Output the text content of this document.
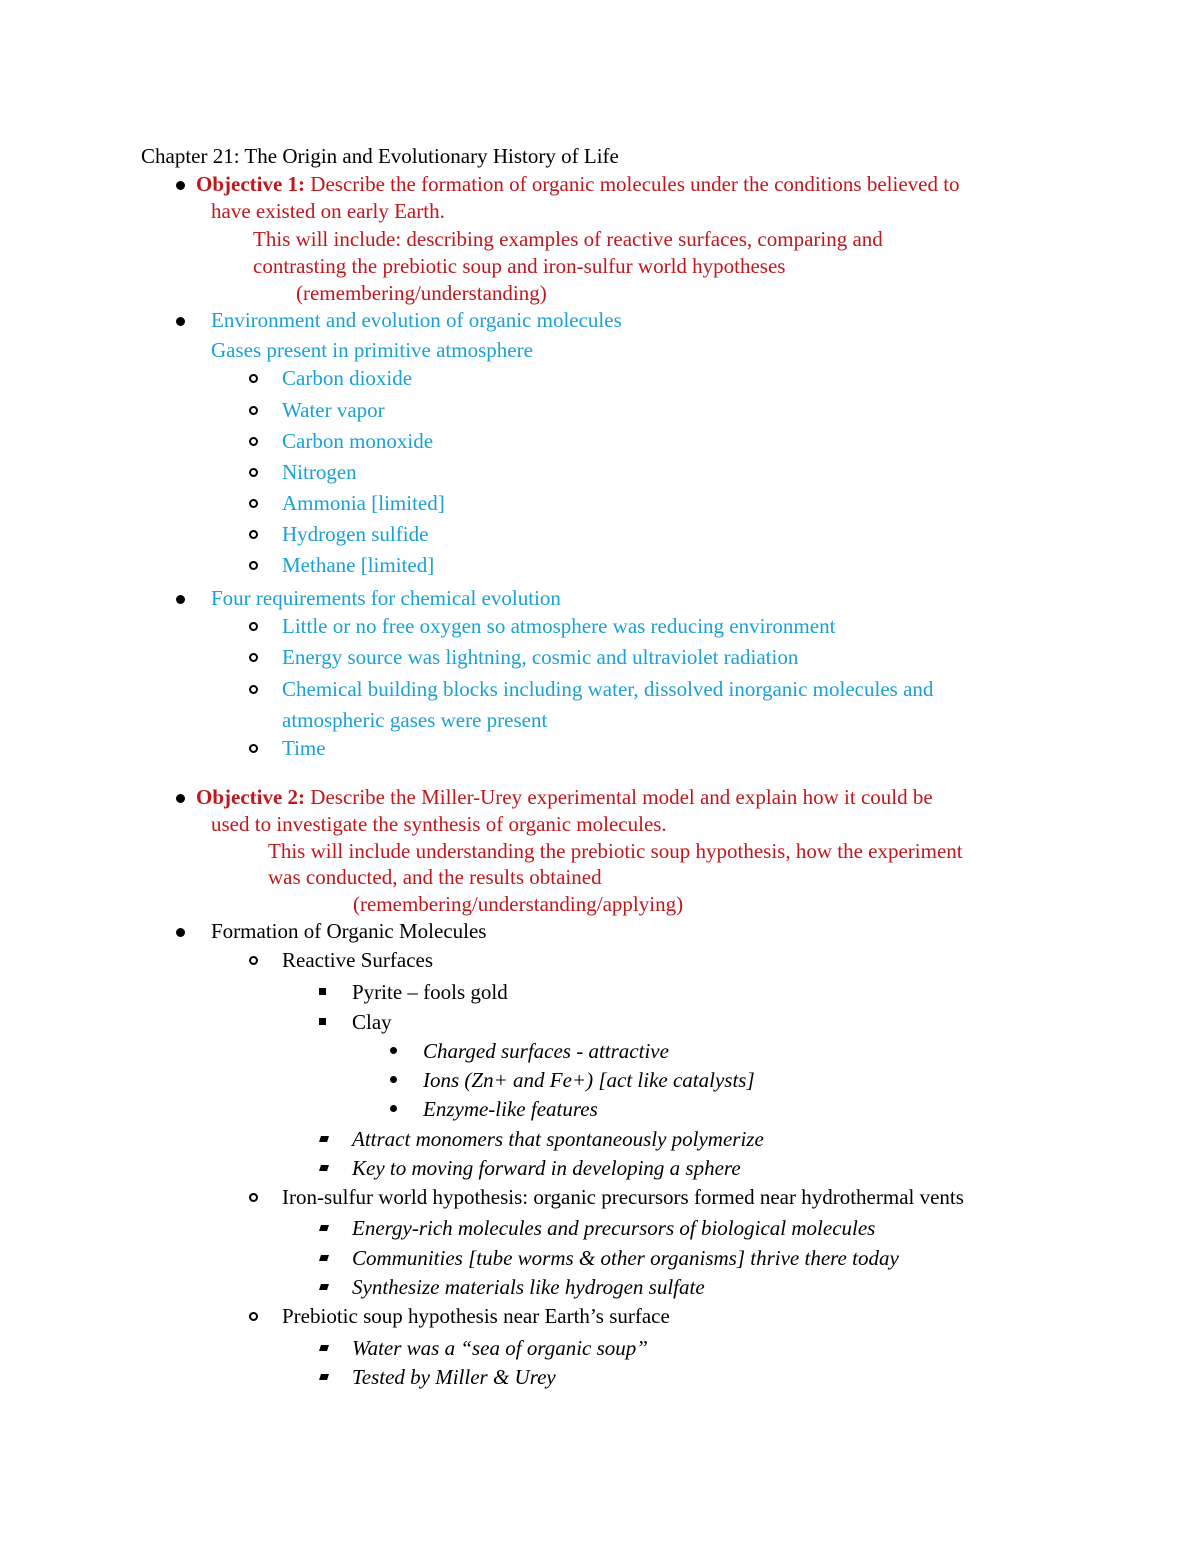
Chapter 21: The Origin and Evolutionary History of Life
Objective 1: Describe the formation of organic molecules under the conditions believed to
have existed on early Earth.
This will include: describing examples of reactive surfaces, comparing and
contrasting the prebiotic soup and iron-sulfur world hypotheses
(remembering/understanding)
Environment and evolution of organic molecules
Gases present in primitive atmosphere
Carbon dioxide
Water vapor
Carbon monoxide
Nitrogen
Ammonia [limited]
Hydrogen sulfide
Methane [limited]
Four requirements for chemical evolution
Little or no free oxygen so atmosphere was reducing environment
Energy source was lightning, cosmic and ultraviolet radiation
Chemical building blocks including water, dissolved inorganic molecules and
atmospheric gases were present
Time
Objective 2: Describe the Miller-Urey experimental model and explain how it could be
used to investigate the synthesis of organic molecules.
This will include understanding the prebiotic soup hypothesis, how the experiment
was conducted, and the results obtained
(remembering/understanding/applying)
Formation of Organic Molecules
Reactive Surfaces
Pyrite – fools gold
Clay
Charged surfaces - attractive
Ions (Zn+ and Fe+) [act like catalysts]
Enzyme-like features
Attract monomers that spontaneously polymerize
Key to moving forward in developing a sphere
Iron-sulfur world hypothesis: organic precursors formed near hydrothermal vents
Energy-rich molecules and precursors of biological molecules
Communities [tube worms & other organisms] thrive there today
Synthesize materials like hydrogen sulfate
Prebiotic soup hypothesis near Earth’s surface
Water was a “sea of organic soup”
Tested by Miller & Urey
